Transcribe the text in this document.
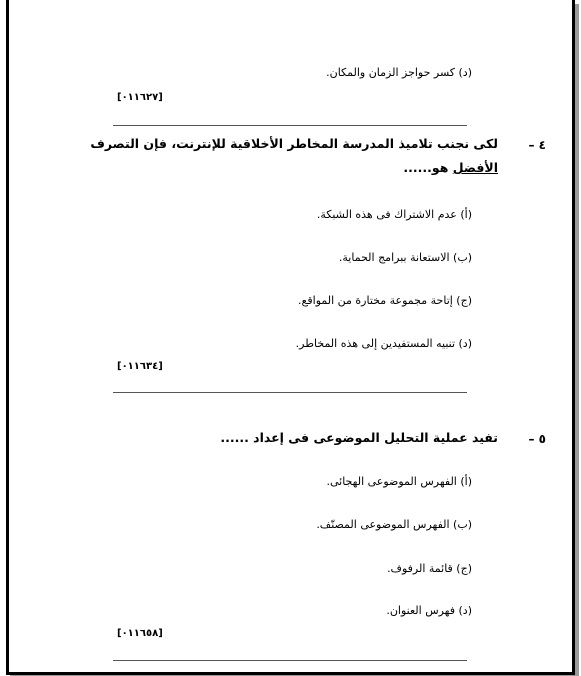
(د) كسر حواجز الزمان والمكان.
[٠١١٦٢٧]
٤ –
لكى نجنب تلاميذ المدرسة المخاطر الأخلاقية للإنترنت، فإن التصرف
الأفضل هو......
(أ) عدم الاشتراك فى هذه الشبكة.
(ب) الاستعانة ببرامج الحماية.
(ج) إتاحة مجموعة مختارة من المواقع.
(د) تنبيه المستفيدين إلى هذه المخاطر.
[٠١١٦٣٤]
٥ –
تفيد عملية التحليل الموضوعى فى إعداد ......
(أ) الفهرس الموضوعى الهجائى.
(ب) الفهرس الموضوعى المصنّف.
(ج) قائمة الرفوف.
(د) فهرس العنوان.
[٠١١٦٥٨]
